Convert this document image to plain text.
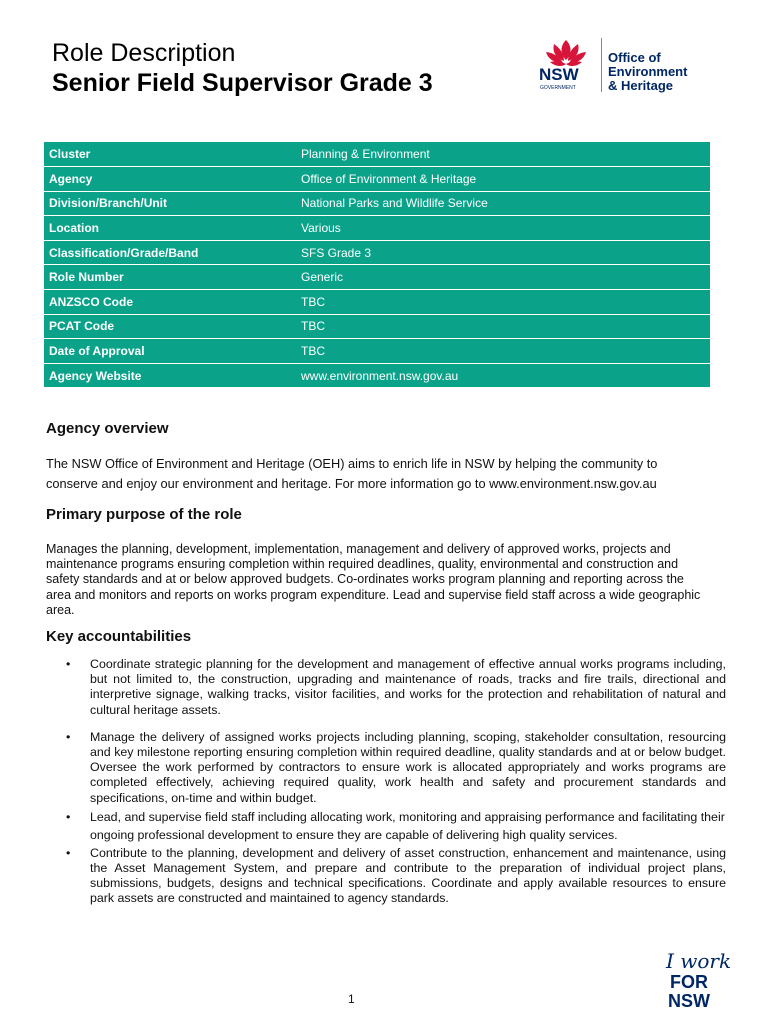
Role Description
Senior Field Supervisor Grade 3	NSW
GOVERNMENT
Office of
Environment
& Heritage
Cluster	Planning & Environment
Agency	Office of Environment & Heritage
Division/Branch/Unit	National Parks and Wildlife Service
Location	Various
Classification/Grade/Band	SFS Grade 3
Role Number	Generic
ANZSCO Code	TBC
PCAT Code	TBC
Date of Approval	TBC
Agency Website	www.environment.nsw.gov.au
Agency overview
The NSW Office of Environment and Heritage (OEH) aims to enrich life in NSW by helping the community to conserve and enjoy our environment and heritage. For more information go to www.environment.nsw.gov.au
Primary purpose of the role
Manages the planning, development, implementation, management and delivery of approved works, projects and maintenance programs ensuring completion within required deadlines, quality, environmental and construction and safety standards and at or below approved budgets. Co-ordinates works program planning and reporting across the area and monitors and reports on works program expenditure. Lead and supervise field staff across a wide geographic area.
Key accountabilities
• Coordinate strategic planning for the development and management of effective annual works programs including, but not limited to, the construction, upgrading and maintenance of roads, tracks and fire trails, directional and interpretive signage, walking tracks, visitor facilities, and works for the protection and rehabilitation of natural and cultural heritage assets.
• Manage the delivery of assigned works projects including planning, scoping, stakeholder consultation, resourcing and key milestone reporting ensuring completion within required deadline, quality standards and at or below budget. Oversee the work performed by contractors to ensure work is allocated appropriately and works programs are completed effectively, achieving required quality, work health and safety and procurement standards and specifications, on-time and within budget.
• Lead, and supervise field staff including allocating work, monitoring and appraising performance and facilitating their ongoing professional development to ensure they are capable of delivering high quality services.
• Contribute to the planning, development and delivery of asset construction, enhancement and maintenance, using the Asset Management System, and prepare and contribute to the preparation of individual project plans, submissions, budgets, designs and technical specifications. Coordinate and apply available resources to ensure park assets are constructed and maintained to agency standards.
I work
FOR
NSW
1
